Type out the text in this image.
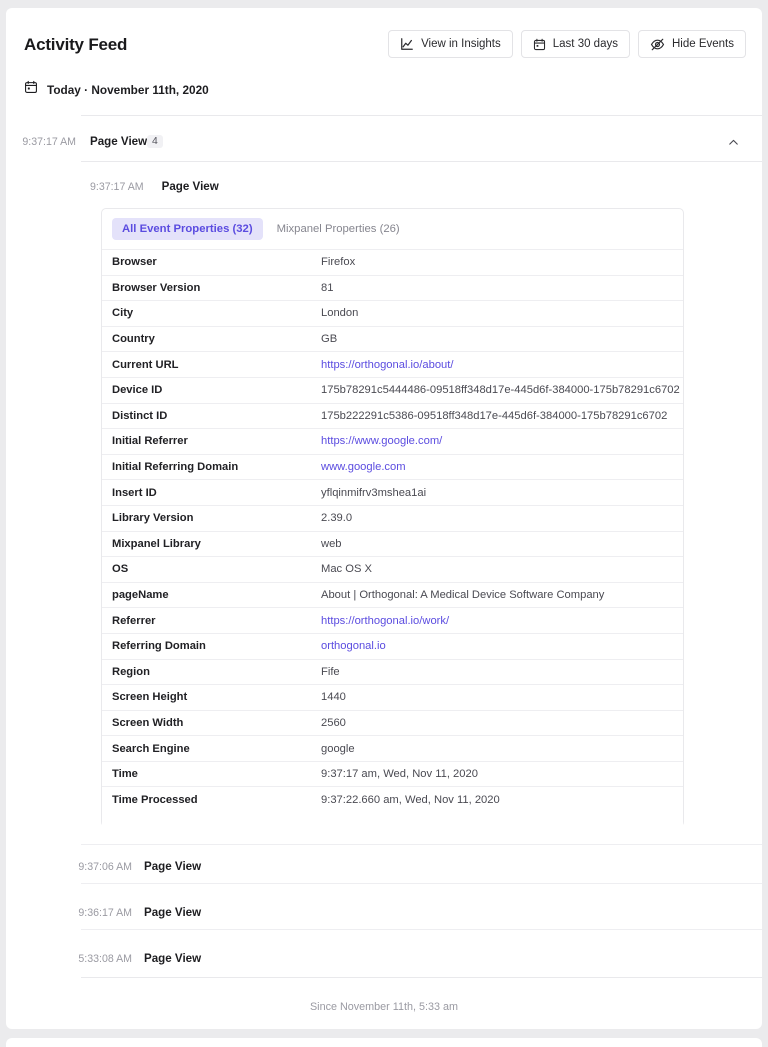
Activity Feed	View in Insights	Last 30 days	Hide Events
Today · November 11th, 2020
9:37:17 AM Page View 4
9:37:17 AM Page View
All Event Properties (32)	Mixpanel Properties (26)
Browser	Firefox
Browser Version	81
City	London
Country	GB
Current URL	https://orthogonal.io/about/
Device ID	175b78291c5444486-09518ff348d17e-445d6f-384000-175b78291c6702
Distinct ID	175b222291c5386-09518ff348d17e-445d6f-384000-175b78291c6702
Initial Referrer	https://www.google.com/
Initial Referring Domain	www.google.com
Insert ID	yflqinmifrv3mshea1ai
Library Version	2.39.0
Mixpanel Library	web
OS	Mac OS X
pageName	About | Orthogonal: A Medical Device Software Company
Referrer	https://orthogonal.io/work/
Referring Domain	orthogonal.io
Region	Fife
Screen Height	1440
Screen Width	2560
Search Engine	google
Time	9:37:17 am, Wed, Nov 11, 2020
Time Processed	9:37:22.660 am, Wed, Nov 11, 2020
9:37:06 AM Page View
9:36:17 AM Page View
5:33:08 AM Page View
Since November 11th, 5:33 am
